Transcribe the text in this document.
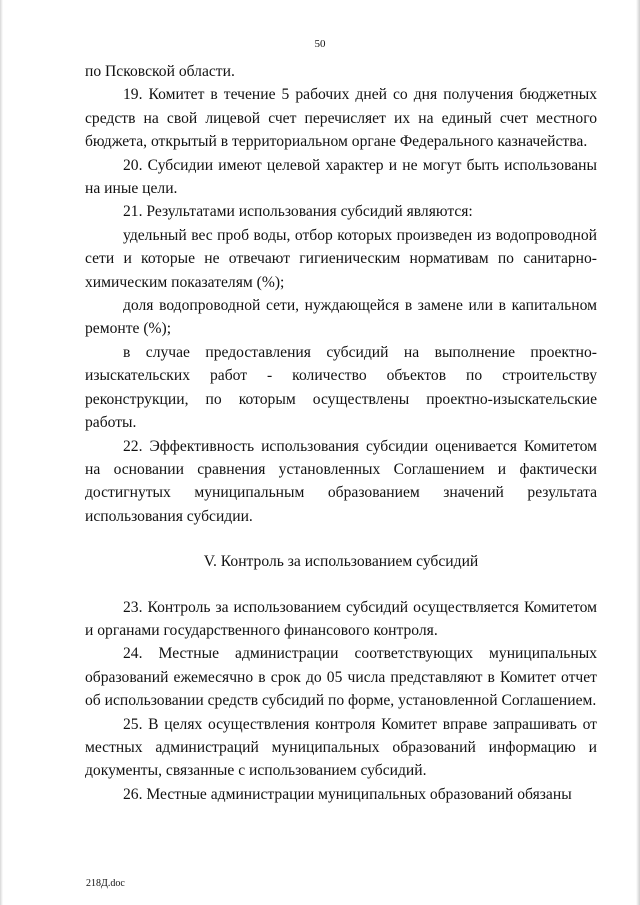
50

по Псковской области.

19. Комитет в течение 5 рабочих дней со дня получения бюджетных средств на свой лицевой счет перечисляет их на единый счет местного бюджета, открытый в территориальном органе Федерального казначейства.

20. Субсидии имеют целевой характер и не могут быть использованы на иные цели.

21. Результатами использования субсидий являются:

удельный вес проб воды, отбор которых произведен из водопроводной сети и которые не отвечают гигиеническим нормативам по санитарно-химическим показателям (%);

доля водопроводной сети, нуждающейся в замене или в капитальном ремонте (%);

в случае предоставления субсидий на выполнение проектно-изыскательских работ - количество объектов по строительству реконструкции, по которым осуществлены проектно-изыскательские работы.

22. Эффективность использования субсидии оценивается Комитетом на основании сравнения установленных Соглашением и фактически достигнутых муниципальным образованием значений результата использования субсидии.

V. Контроль за использованием субсидий

23. Контроль за использованием субсидий осуществляется Комитетом и органами государственного финансового контроля.

24. Местные администрации соответствующих муниципальных образований ежемесячно в срок до 05 числа представляют в Комитет отчет об использовании средств субсидий по форме, установленной Соглашением.

25. В целях осуществления контроля Комитет вправе запрашивать от местных администраций муниципальных образований информацию и документы, связанные с использованием субсидий.

26. Местные администрации муниципальных образований обязаны

218Д.doc
